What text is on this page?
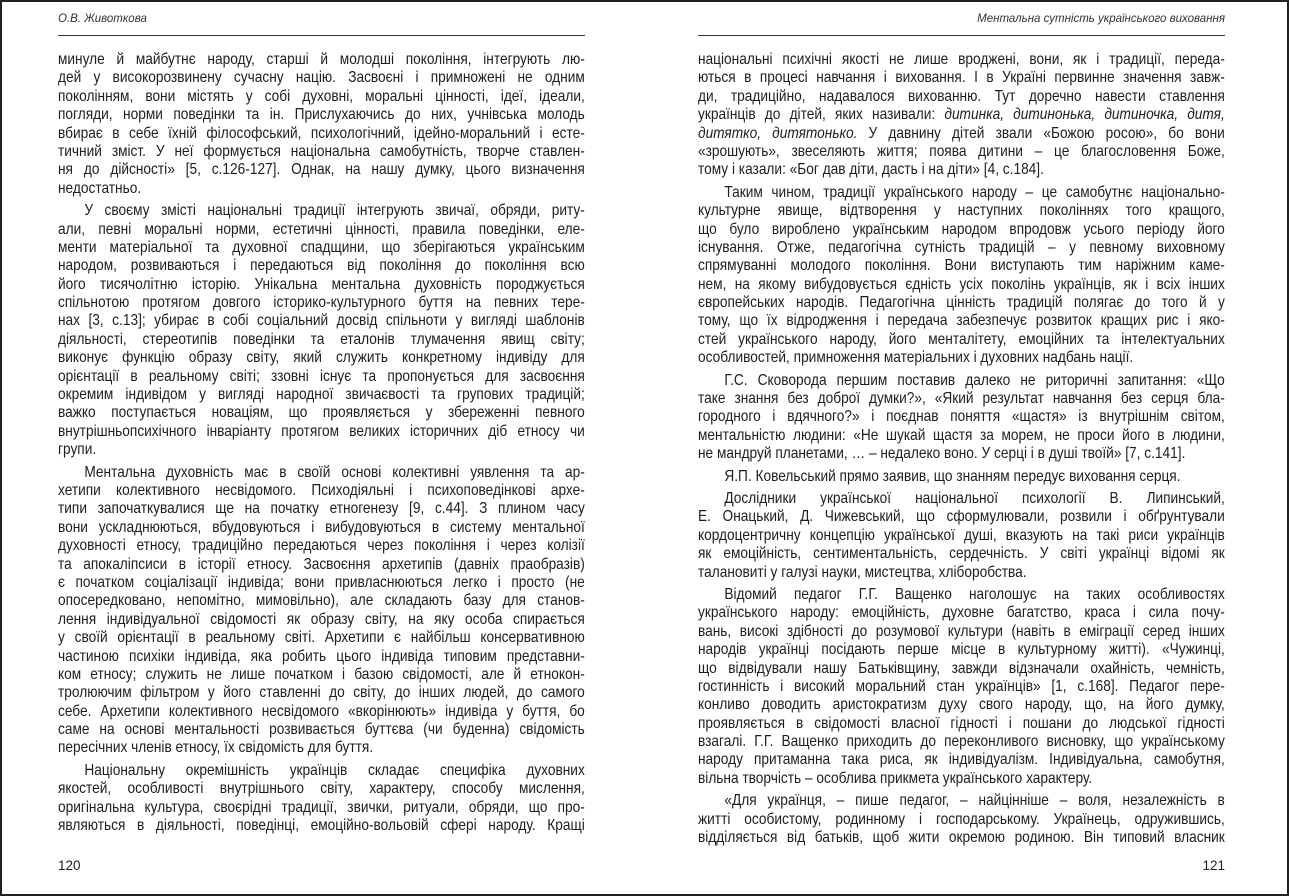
О.В. Животкова
минуле й майбутнє народу, старші й молодші покоління, інтегрують лю-
дей у високорозвинену сучасну націю. Засвоєні і примножені не одним
поколінням, вони містять у собі духовні, моральні цінності, ідеї, ідеали,
погляди, норми поведінки та ін. Прислухаючись до них, учнівська молодь
вбирає в себе їхній філософський, психологічний, ідейно-моральний і есте-
тичний зміст. У неї формується національна самобутність, творче ставлен-
ня до дійсності» [5, с.126-127]. Однак, на нашу думку, цього визначення
недостатньо.
У своєму змісті національні традиції інтегрують звичаї, обряди, риту-
али, певні моральні норми, естетичні цінності, правила поведінки, еле-
менти матеріальної та духовної спадщини, що зберігаються українським
народом, розвиваються і передаються від покоління до покоління всю
його тисячолітню історію. Унікальна ментальна духовність породжується
спільнотою протягом довгого історико-культурного буття на певних тере-
нах [3, с.13]; убирає в собі соціальний досвід спільноти у вигляді шаблонів
діяльності, стереотипів поведінки та еталонів тлумачення явищ світу;
виконує функцію образу світу, який служить конкретному індивіду для
орієнтації в реальному світі; ззовні існує та пропонується для засвоєння
окремим індивідом у вигляді народної звичаєвості та групових традицій;
важко поступається новаціям, що проявляється у збереженні певного
внутрішньопсихічного інваріанту протягом великих історичних діб етносу чи
групи.
Ментальна духовність має в своїй основі колективні уявлення та ар-
хетипи колективного несвідомого. Психодіяльні і психоповедінкові архе-
типи започаткувалися ще на початку етногенезу [9, с.44]. З плином часу
вони ускладнюються, вбудовуються і вибудовуються в систему ментальної
духовності етносу, традиційно передаються через покоління і через колізії
та апокаліпсиси в історії етносу. Засвоєння архетипів (давніх праобразів)
є початком соціалізації індивіда; вони привласнюються легко і просто (не
опосередковано, непомітно, мимовільно), але складають базу для станов-
лення індивідуальної свідомості як образу світу, на яку особа спирається
у своїй орієнтації в реальному світі. Архетипи є найбільш консервативною
частиною психіки індивіда, яка робить цього індивіда типовим представни-
ком етносу; служить не лише початком і базою свідомості, але й етнокон-
тролюючим фільтром у його ставленні до світу, до інших людей, до самого
себе. Архетипи колективного несвідомого «вкорінюють» індивіда у буття, бо
саме на основі ментальності розвивається буттєва (чи буденна) свідомість
пересічних членів етносу, їх свідомість для буття.
Національну окремішність українців складає специфіка духовних
якостей, особливості внутрішнього світу, характеру, способу мислення,
оригінальна культура, своєрідні традиції, звички, ритуали, обряди, що про-
являються в діяльності, поведінці, емоційно-вольовій сфері народу. Кращі
120
Ментальна сутність українського виховання
національні психічні якості не лише вроджені, вони, як і традиції, переда-
ються в процесі навчання і виховання. І в Україні первинне значення завж-
ди, традиційно, надавалося вихованню. Тут доречно навести ставлення
українців до дітей, яких називали: дитинка, дитинонька, дитиночка, дитя,
дитятко, дитятонько. У давнину дітей звали «Божою росою», бо вони
«зрошують», звеселяють життя; поява дитини – це благословення Боже,
тому і казали: «Бог дав діти, дасть і на діти» [4, с.184].
Таким чином, традиції українського народу – це самобутнє національно-
культурне явище, відтворення у наступних поколіннях того кращого,
що було вироблено українським народом впродовж усього періоду його
існування. Отже, педагогічна сутність традицій – у певному виховному
спрямуванні молодого покоління. Вони виступають тим наріжним каме-
нем, на якому вибудовується єдність усіх поколінь українців, як і всіх інших
європейських народів. Педагогічна цінність традицій полягає до того й у
тому, що їх відродження і передача забезпечує розвиток кращих рис і яко-
стей українського народу, його менталітету, емоційних та інтелектуальних
особливостей, примноження матеріальних і духовних надбань нації.
Г.С. Сковорода першим поставив далеко не риторичні запитання: «Що
таке знання без доброї думки?», «Який результат навчання без серця бла-
городного і вдячного?» і поєднав поняття «щастя» із внутрішнім світом,
ментальністю людини: «Не шукай щастя за морем, не проси його в людини,
не мандруй планетами, … – недалеко воно. У серці і в душі твоїй» [7, с.141].
Я.П. Ковельський прямо заявив, що знанням передує виховання серця.
Дослідники української національної психології В. Липинський,
Е. Онацький, Д. Чижевський, що сформулювали, розвили і обґрунтували
кордоцентричну концепцію української душі, вказують на такі риси українців
як емоційність, сентиментальність, сердечність. У світі українці відомі як
талановиті у галузі науки, мистецтва, хліборобства.
Відомий педагог Г.Г. Ващенко наголошує на таких особливостях
українського народу: емоційність, духовне багатство, краса і сила почу-
вань, високі здібності до розумової культури (навіть в еміграції серед інших
народів українці посідають перше місце в культурному житті). «Чужинці,
що відвідували нашу Батьківщину, завжди відзначали охайність, чемність,
гостинність і високий моральний стан українців» [1, с.168]. Педагог пере-
конливо доводить аристократизм духу свого народу, що, на його думку,
проявляється в свідомості власної гідності і пошани до людської гідності
взагалі. Г.Г. Ващенко приходить до переконливого висновку, що українському
народу притаманна така риса, як індивідуалізм. Індивідуальна, самобутня,
вільна творчість – особлива прикмета українського характеру.
«Для українця, – пише педагог, – найцінніше – воля, незалежність в
житті особистому, родинному і господарському. Українець, одружившись,
відділяється від батьків, щоб жити окремою родиною. Він типовий власник
121
